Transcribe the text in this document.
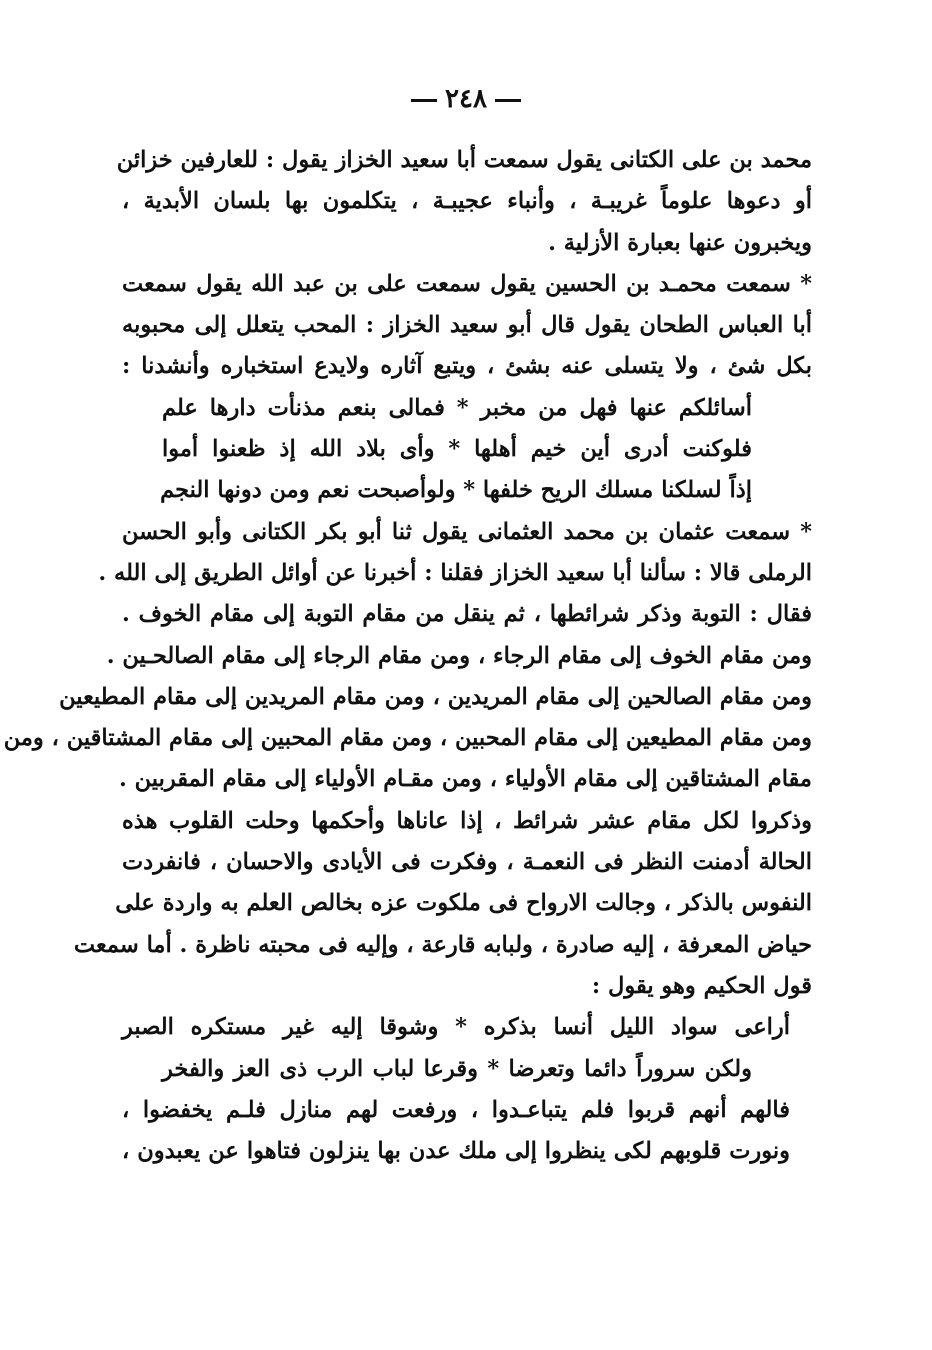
٢٤٨
محمد بن على الكتانى يقول سمعت أبا سعيد الخزاز يقول : للعارفين خزائن
أو دعوها علوماً غريبـة ، وأنباء عجيبـة ، يتكلمون بها بلسان الأبدية ،
ويخبرون عنها بعبارة الأزلية .
* سمعت محمـد بن الحسين يقول سمعت على بن عبد الله يقول سمعت
أبا العباس الطحان يقول قال أبو سعيد الخزاز : المحب يتعلل إلى محبوبه
بكل شئ ، ولا يتسلى عنه بشئ ، ويتبع آثاره ولايدع استخباره وأنشدنا :
أسائلكم عنها فهل من مخبر * فمالى بنعم مذنأت دارها علم
فلوكنت أدرى أين خيم أهلها * وأى بلاد الله إذ ظعنوا أموا
إذاً لسلكنا مسلك الريح خلفها * ولوأصبحت نعم ومن دونها النجم
* سمعت عثمان بن محمد العثمانى يقول ثنا أبو بكر الكتانى وأبو الحسن
الرملى قالا : سألنا أبا سعيد الخزاز فقلنا : أخبرنا عن أوائل الطريق إلى الله .
فقال : التوبة وذكر شرائطها ، ثم ينقل من مقام التوبة إلى مقام الخوف .
ومن مقام الخوف إلى مقام الرجاء ، ومن مقام الرجاء إلى مقام الصالحـين .
ومن مقام الصالحين إلى مقام المريدين ، ومن مقام المريدين إلى مقام المطيعين
ومن مقام المطيعين إلى مقام المحبين ، ومن مقام المحبين إلى مقام المشتاقين ، ومن
مقام المشتاقين إلى مقام الأولياء ، ومن مقـام الأولياء إلى مقام المقربين .
وذكروا لكل مقام عشر شرائط ، إذا عاناها وأحكمها وحلت القلوب هذه
الحالة أدمنت النظر فى النعمـة ، وفكرت فى الأيادى والاحسان ، فانفردت
النفوس بالذكر ، وجالت الارواح فى ملكوت عزه بخالص العلم به واردة على
حياض المعرفة ، إليه صادرة ، ولبابه قارعة ، وإليه فى محبته ناظرة . أما سمعت
قول الحكيم وهو يقول :
أراعى سواد الليل أنسا بذكره * وشوقا إليه غير مستكره الصبر
ولكن سروراً دائما وتعرضا * وقرعا لباب الرب ذى العز والفخر
فالهم أنهم قربوا فلم يتباعـدوا ، ورفعت لهم منازل فلـم يخفضوا ،
ونورت قلوبهم لكى ينظروا إلى ملك عدن بها ينزلون فتاهوا عن يعبدون ،
